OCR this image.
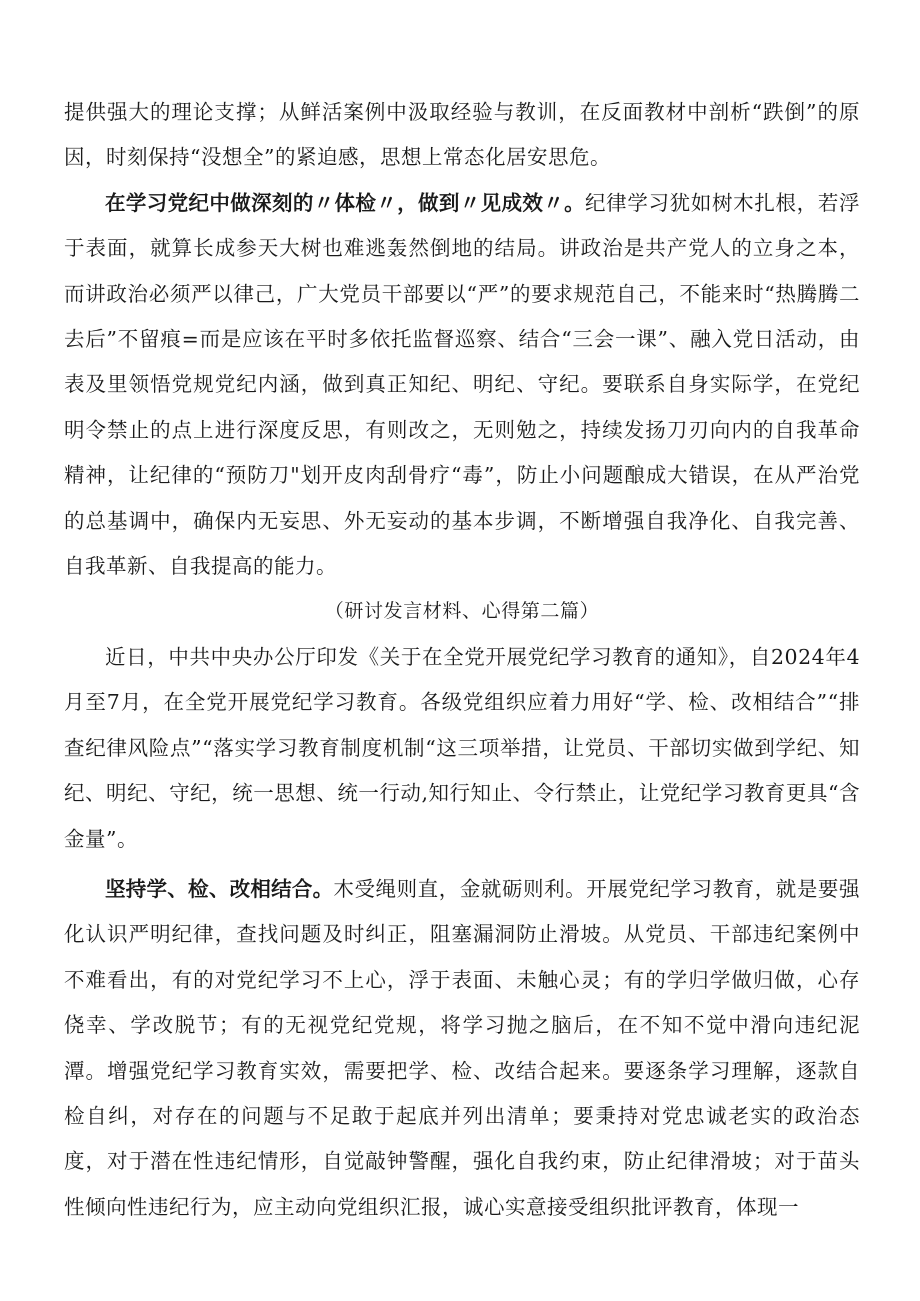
提供强大的理论支撑；从鲜活案例中汲取经验与教训，在反面教材中剖析“跌倒”的原因，时刻保持“没想全”的紧迫感，思想上常态化居安思危。

在学习党纪中做深刻的〃体检〃，做到〃见成效〃。纪律学习犹如树木扎根，若浮于表面，就算长成参天大树也难逃轰然倒地的结局。讲政治是共产党人的立身之本，而讲政治必须严以律己，广大党员干部要以“严”的要求规范自己，不能来时“热腾腾二去后”不留痕=而是应该在平时多依托监督巡察、结合“三会一课”、融入党日活动，由表及里领悟党规党纪内涵，做到真正知纪、明纪、守纪。要联系自身实际学，在党纪明令禁止的点上进行深度反思，有则改之，无则勉之，持续发扬刀刃向内的自我革命精神，让纪律的“预防刀"划开皮肉刮骨疗“毒”，防止小问题酿成大错误，在从严治党的总基调中，确保内无妄思、外无妄动的基本步调，不断增强自我净化、自我完善、自我革新、自我提高的能力。

（研讨发言材料、心得第二篇）

近日，中共中央办公厅印发《关于在全党开展党纪学习教育的通知》，自2024年4月至7月，在全党开展党纪学习教育。各级党组织应着力用好“学、检、改相结合”“排查纪律风险点”“落实学习教育制度机制“这三项举措，让党员、干部切实做到学纪、知纪、明纪、守纪，统一思想、统一行动,知行知止、令行禁止，让党纪学习教育更具“含金量”。

坚持学、检、改相结合。木受绳则直，金就砺则利。开展党纪学习教育，就是要强化认识严明纪律，查找问题及时纠正，阻塞漏洞防止滑坡。从党员、干部违纪案例中不难看出，有的对党纪学习不上心，浮于表面、未触心灵；有的学归学做归做，心存侥幸、学改脱节；有的无视党纪党规，将学习抛之脑后，在不知不觉中滑向违纪泥潭。增强党纪学习教育实效，需要把学、检、改结合起来。要逐条学习理解，逐款自检自纠，对存在的问题与不足敢于起底并列出清单；要秉持对党忠诚老实的政治态度，对于潜在性违纪情形，自觉敲钟警醒，强化自我约束，防止纪律滑坡；对于苗头性倾向性违纪行为，应主动向党组织汇报，诚心实意接受组织批评教育，体现一
